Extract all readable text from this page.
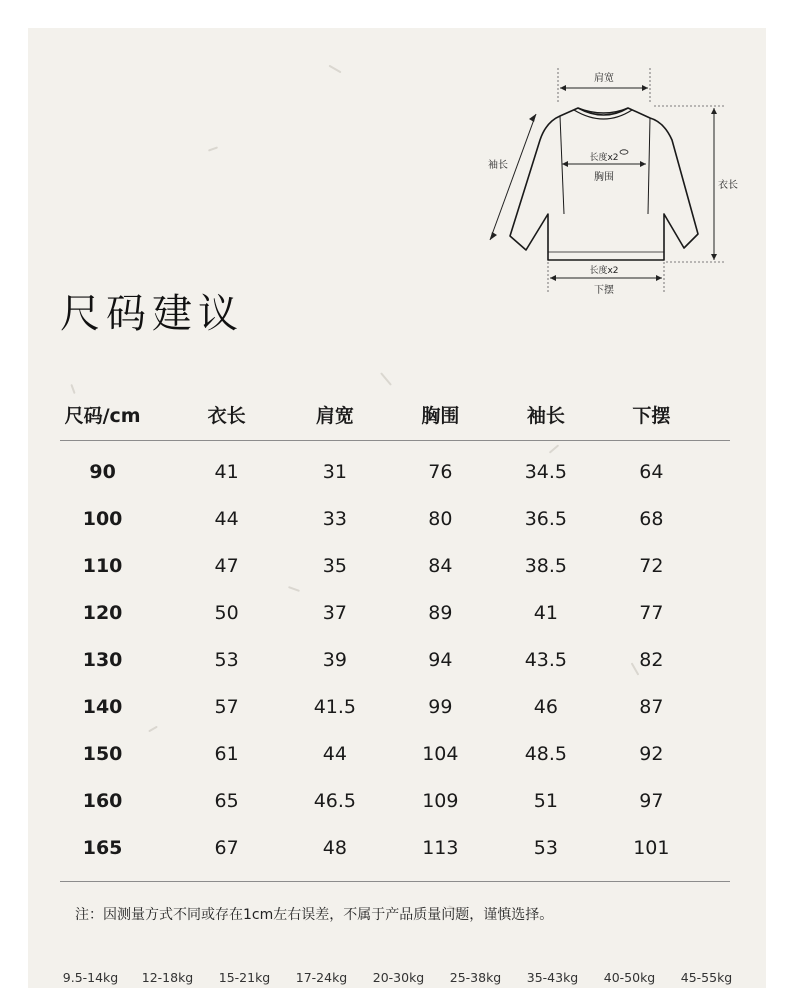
肩宽
长度x2
胸围
袖长
衣长
长度x2
下摆
尺码建议
尺码/cm	衣长	肩宽	胸围	袖长	下摆
90	41	31	76	34.5	64
100	44	33	80	36.5	68
110	47	35	84	38.5	72
120	50	37	89	41	77
130	53	39	94	43.5	82
140	57	41.5	99	46	87
150	61	44	104	48.5	92
160	65	46.5	109	51	97
165	67	48	113	53	101
注：因测量方式不同或存在1cm左右误差，不属于产品质量问题，谨慎选择。
9.5-14kg	12-18kg	15-21kg	17-24kg	20-30kg	25-38kg	35-43kg	40-50kg	45-55kg
